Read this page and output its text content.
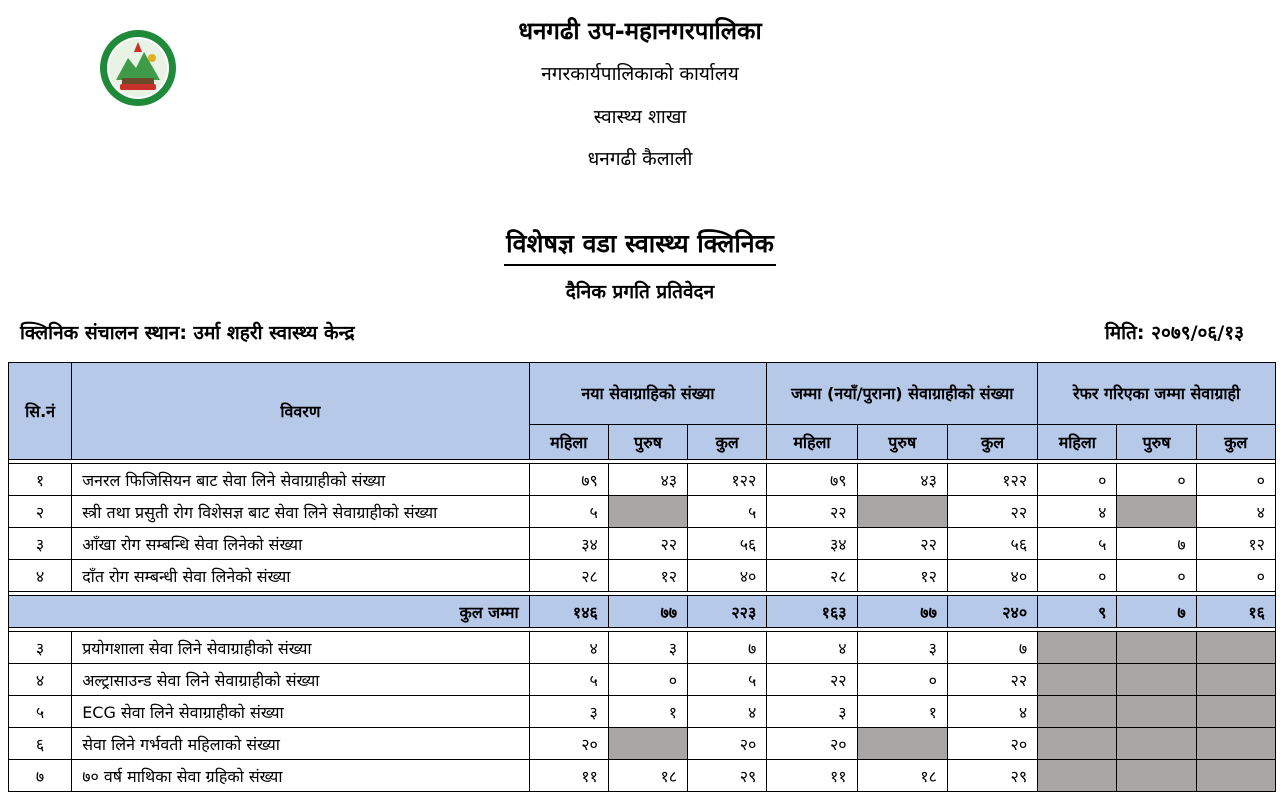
धनगढी उप-महानगरपालिका
नगरकार्यपालिकाको कार्यालय
स्वास्थ्य शाखा
धनगढी कैलाली
विशेषज्ञ वडा स्वास्थ्य क्लिनिक
दैनिक प्रगति प्रतिवेदन
क्लिनिक संचालन स्थान: उर्मा शहरी स्वास्थ्य केन्द्र	मिति: २०७९/०६/१३
सि.नं	विवरण	नया सेवाग्राहिको संख्या			जम्मा (नयाँ/पुराना) सेवाग्राहीको संख्या			रेफर गरिएका जम्मा सेवाग्राही		
		महिला	पुरुष	कुल	महिला	पुरुष	कुल	महिला	पुरुष	कुल

१	जनरल फिजिसियन बाट सेवा लिने सेवाग्राहीको संख्या	७९	४३	१२२	७९	४३	१२२	०	०	०
२	स्त्री तथा प्रसुती रोग विशेसज्ञ बाट सेवा लिने सेवाग्राहीको संख्या	५		५	२२		२२	४		४
३	आँखा रोग सम्बन्धि सेवा लिनेको संख्या	३४	२२	५६	३४	२२	५६	५	७	१२
४	दाँत रोग सम्बन्धी सेवा लिनेको संख्या	२८	१२	४०	२८	१२	४०	०	०	०

कुल जम्मा		१४६	७७	२२३	१६३	७७	२४०	९	७	१६

३	प्रयोगशाला सेवा लिने सेवाग्राहीको संख्या	४	३	७	४	३	७			
४	अल्ट्रासाउन्ड सेवा लिने सेवाग्राहीको संख्या	५	०	५	२२	०	२२			
५	ECG सेवा लिने सेवाग्राहीको संख्या	३	१	४	३	१	४			
६	सेवा लिने गर्भवती महिलाको संख्या	२०		२०	२०		२०			
७	७० वर्ष माथिका सेवा ग्रहिको संख्या	११	१८	२९	११	१८	२९			
